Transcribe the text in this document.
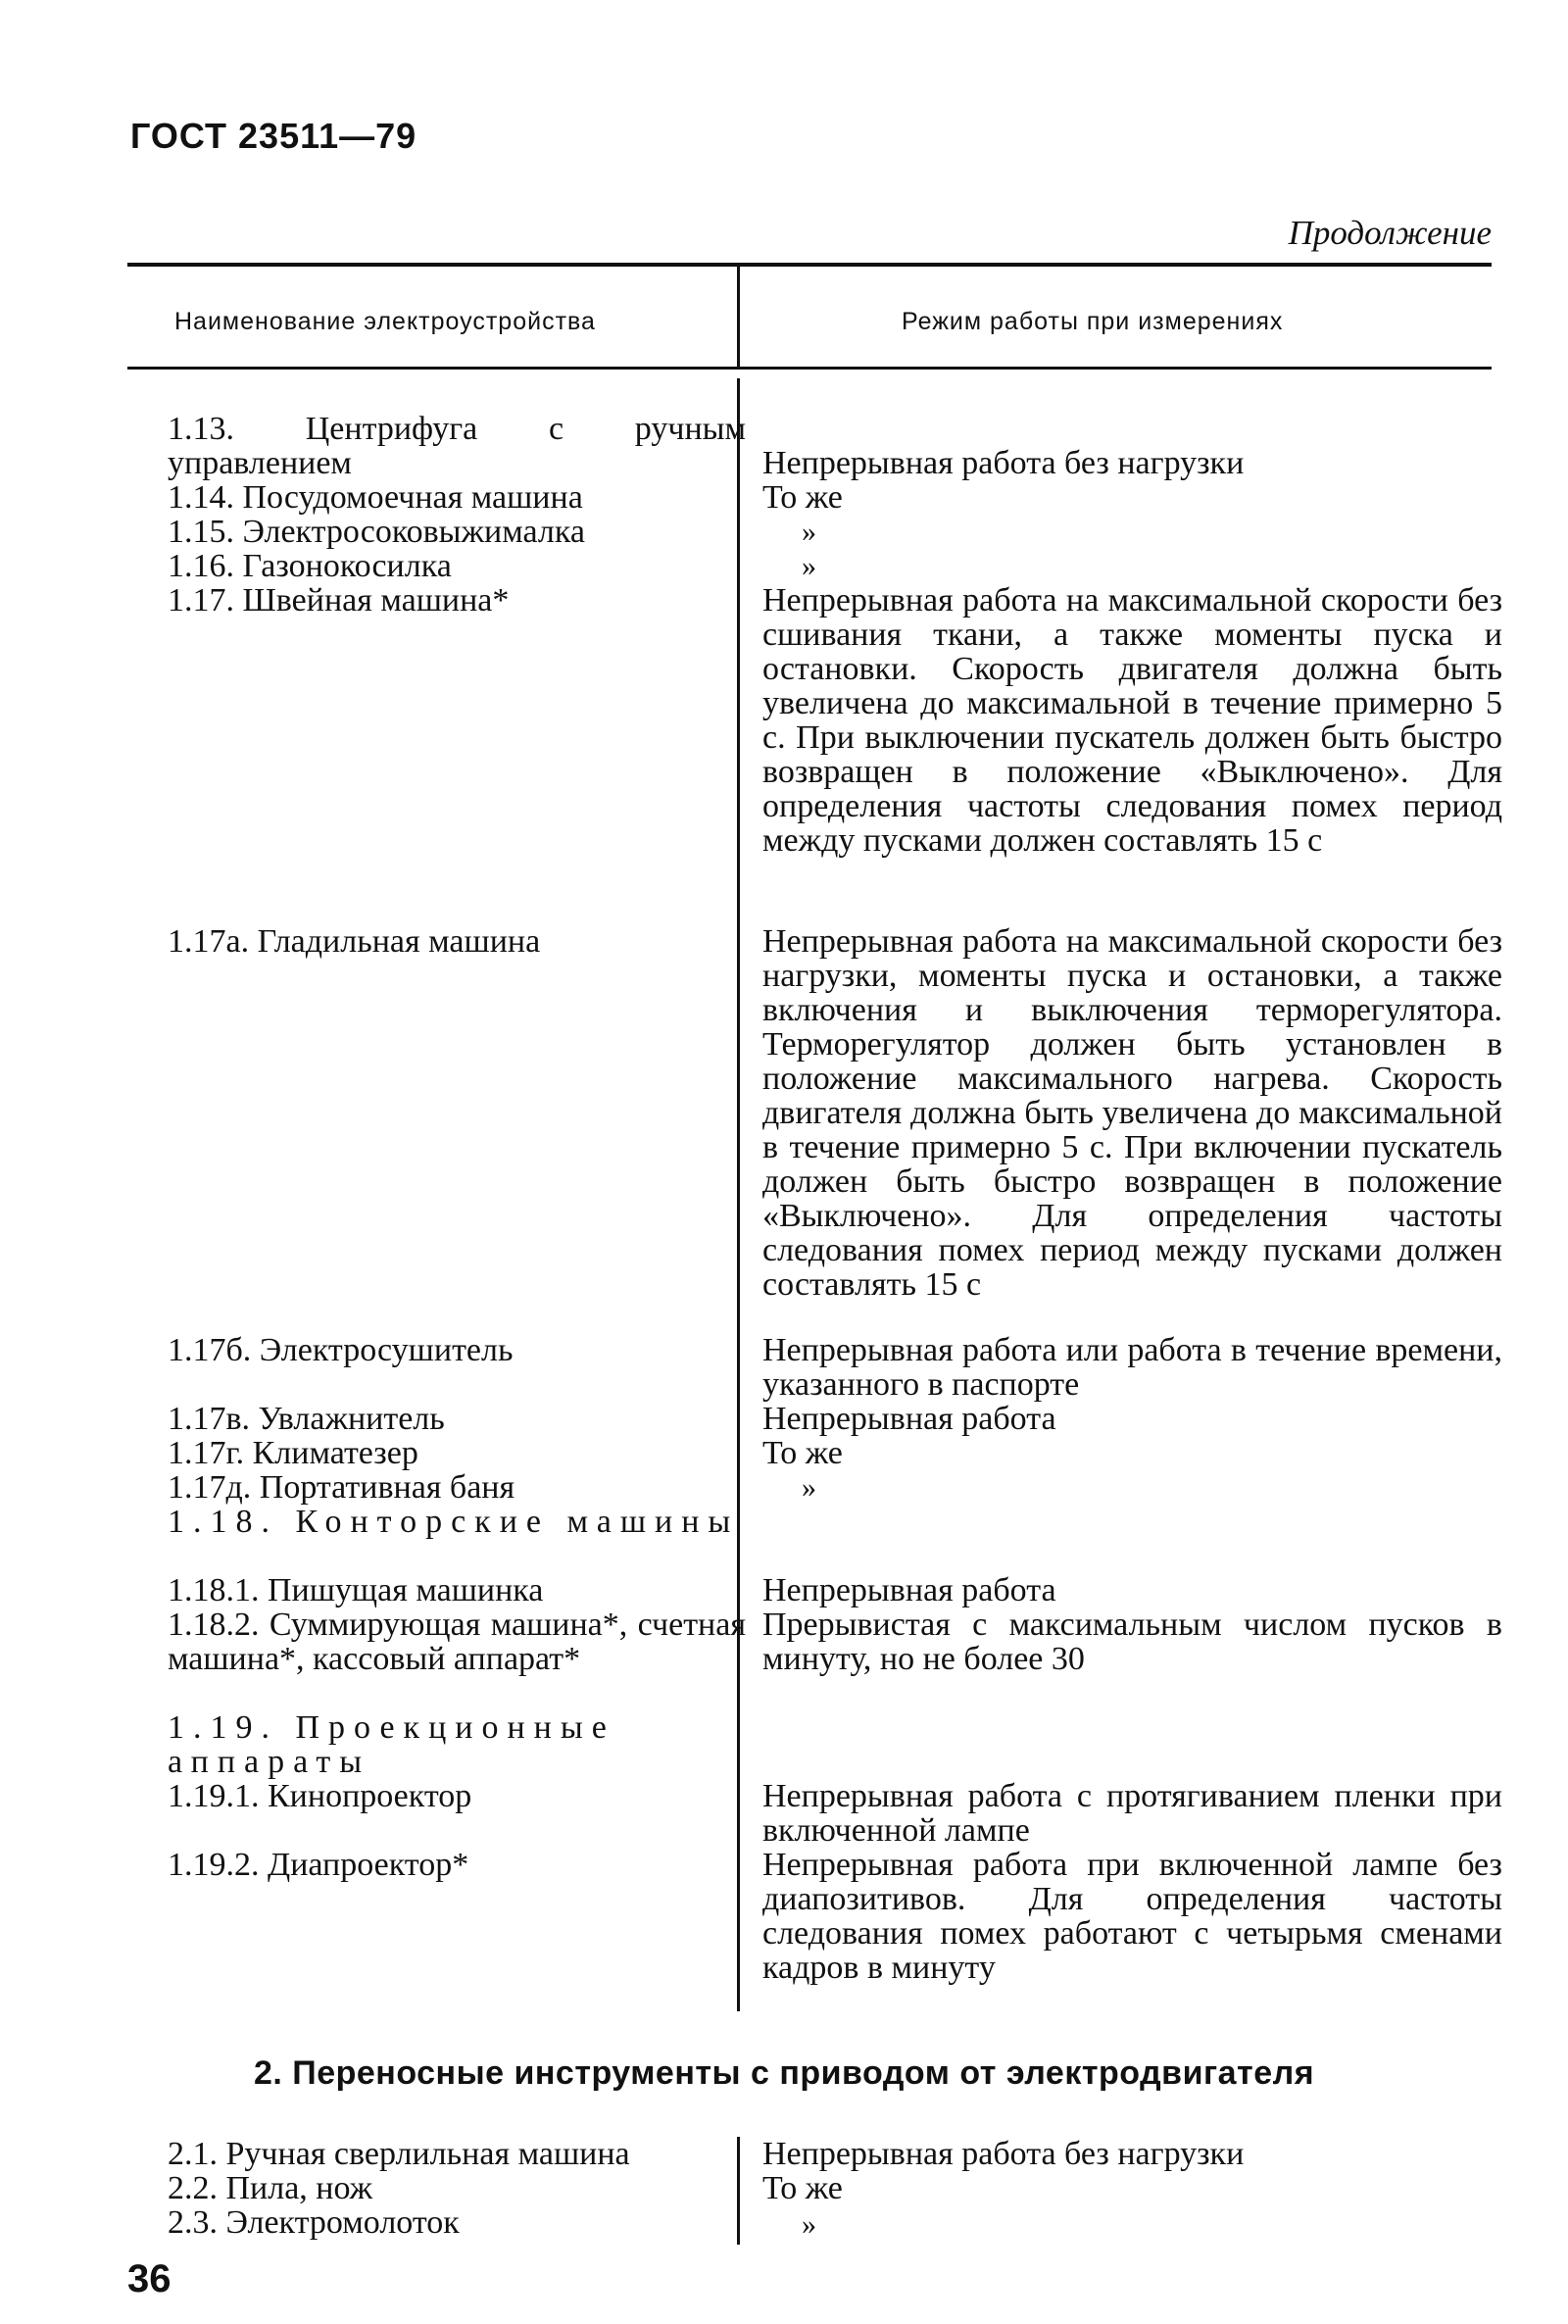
ГОСТ 23511—79
Продолжение
Наименование электроустройства	Режим работы при измерениях
1.13. Центрифуга с ручным управлением
1.14. Посудомоечная машина
1.15. Электросоковыжималка
1.16. Газонокосилка
1.17. Швейная машина*
1.17а. Гладильная машина
1.17б. Электросушитель
1.17в. Увлажнитель
1.17г. Климатезер
1.17д. Портативная баня
1.18. Конторские машины
1.18.1. Пишущая машинка
1.18.2. Суммирующая машина*, счетная машина*, кассовый аппарат*
1.19. Проекционные аппараты
1.19.1. Кинопроектор
1.19.2. Диапроектор*
Непрерывная работа без нагрузки
То же
»
»
Непрерывная работа на максимальной скорости без сшивания ткани, а также моменты пуска и остановки. Скорость двигателя должна быть увеличена до максимальной в течение примерно 5 с. При выключении пускатель должен быть быстро возвращен в положение «Выключено». Для определения частоты следования помех период между пусками должен составлять 15 с
Непрерывная работа на максимальной скорости без нагрузки, моменты пуска и остановки, а также включения и выключения терморегулятора. Терморегулятор должен быть установлен в положение максимального нагрева. Скорость двигателя должна быть увеличена до максимальной в течение примерно 5 с. При включении пускатель должен быть быстро возвращен в положение «Выключено». Для определения частоты следования помех период между пусками должен составлять 15 с
Непрерывная работа или работа в течение времени, указанного в паспорте
Непрерывная работа
То же
»
Непрерывная работа
Прерывистая с максимальным числом пусков в минуту, но не более 30
Непрерывная работа с протягиванием пленки при включенной лампе
Непрерывная работа при включенной лампе без диапозитивов. Для определения частоты следования помех работают с четырьмя сменами кадров в минуту
2. Переносные инструменты с приводом от электродвигателя
2.1. Ручная сверлильная машина
2.2. Пила, нож
2.3. Электромолоток
Непрерывная работа без нагрузки
То же
»
36
